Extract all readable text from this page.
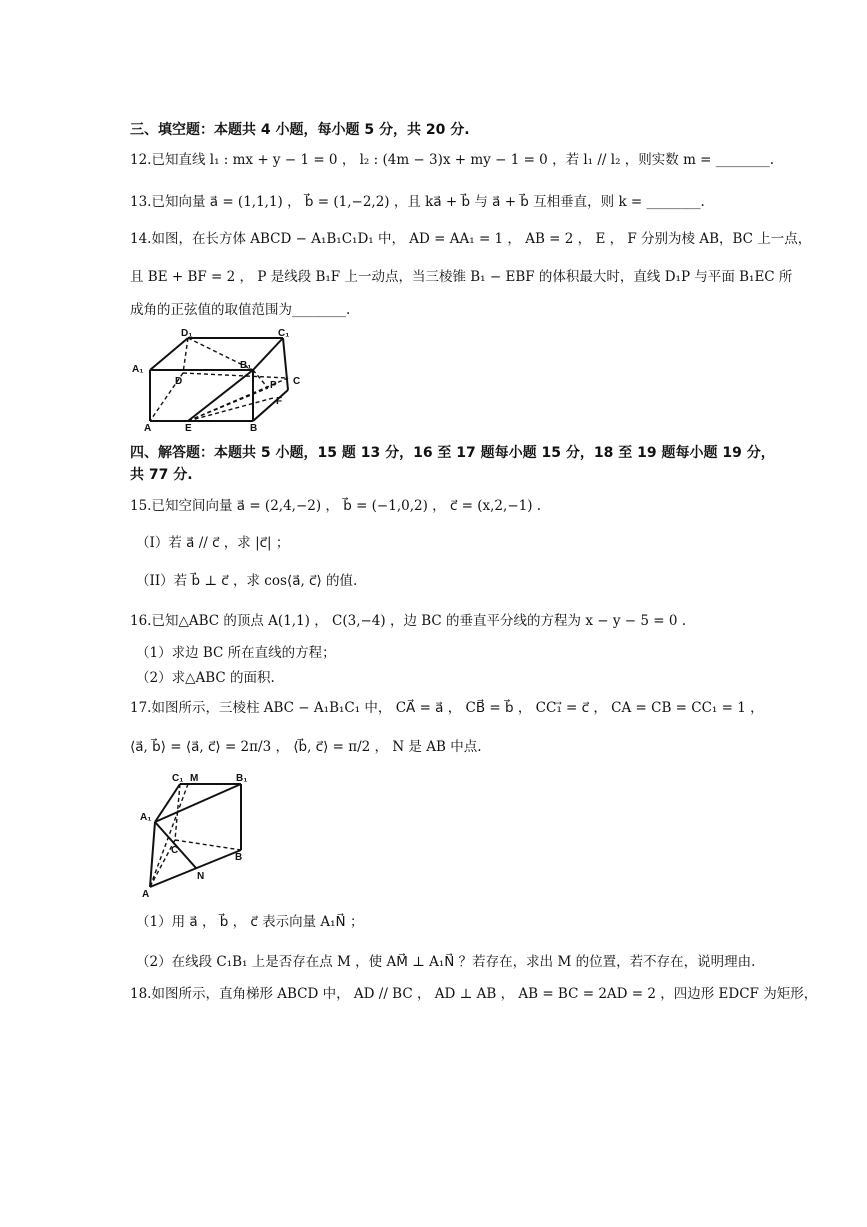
三、填空题：本题共 4 小题，每小题 5 分，共 20 分.
12.已知直线 l₁ : mx + y − 1 = 0 ， l₂ : (4m − 3)x + my − 1 = 0 ，若 l₁ // l₂ ，则实数 m = ________.
13.已知向量 a⃗ = (1,1,1) ， b⃗ = (1,−2,2) ，且 ka⃗ + b⃗ 与 a⃗ + b⃗ 互相垂直，则 k = ________.
14.如图，在长方体 ABCD − A₁B₁C₁D₁ 中， AD = AA₁ = 1 ， AB = 2 ， E ， F 分别为棱 AB，BC 上一点，
且 BE + BF = 2 ， P 是线段 B₁F 上一动点，当三棱锥 B₁ − EBF 的体积最大时，直线 D₁P 与平面 B₁EC 所
成角的正弦值的取值范围为________.
D₁	C₁
A₁	B₁
D	C
P
F
A	E	B
四、解答题：本题共 5 小题，15 题 13 分，16 至 17 题每小题 15 分，18 至 19 题每小题 19 分，
共 77 分.
15.已知空间向量 a⃗ = (2,4,−2) ， b⃗ = (−1,0,2) ， c⃗ = (x,2,−1) .
（I）若 a⃗ // c⃗ ，求 |c⃗| ；
（II）若 b⃗ ⊥ c⃗ ，求 cos⟨a⃗, c⃗⟩ 的值.
16.已知△ABC 的顶点 A(1,1) ， C(3,−4) ，边 BC 的垂直平分线的方程为 x − y − 5 = 0 .
（1）求边 BC 所在直线的方程；
（2）求△ABC 的面积.
17.如图所示，三棱柱 ABC − A₁B₁C₁ 中， CA⃗ = a⃗ ， CB⃗ = b⃗ ， CC₁⃗ = c⃗ ， CA = CB = CC₁ = 1 ，
⟨a⃗, b⃗⟩ = ⟨a⃗, c⃗⟩ = 2π/3 ， ⟨b⃗, c⃗⟩ = π/2 ， N 是 AB 中点.
C₁ M	B₁
A₁
C
B
N
A
（1）用 a⃗ ， b⃗ ， c⃗ 表示向量 A₁N⃗ ；
（2）在线段 C₁B₁ 上是否存在点 M ，使 AM⃗ ⊥ A₁N⃗ ？若存在，求出 M 的位置，若不存在，说明理由.
18.如图所示，直角梯形 ABCD 中， AD // BC ， AD ⊥ AB ， AB = BC = 2AD = 2 ，四边形 EDCF 为矩形，
